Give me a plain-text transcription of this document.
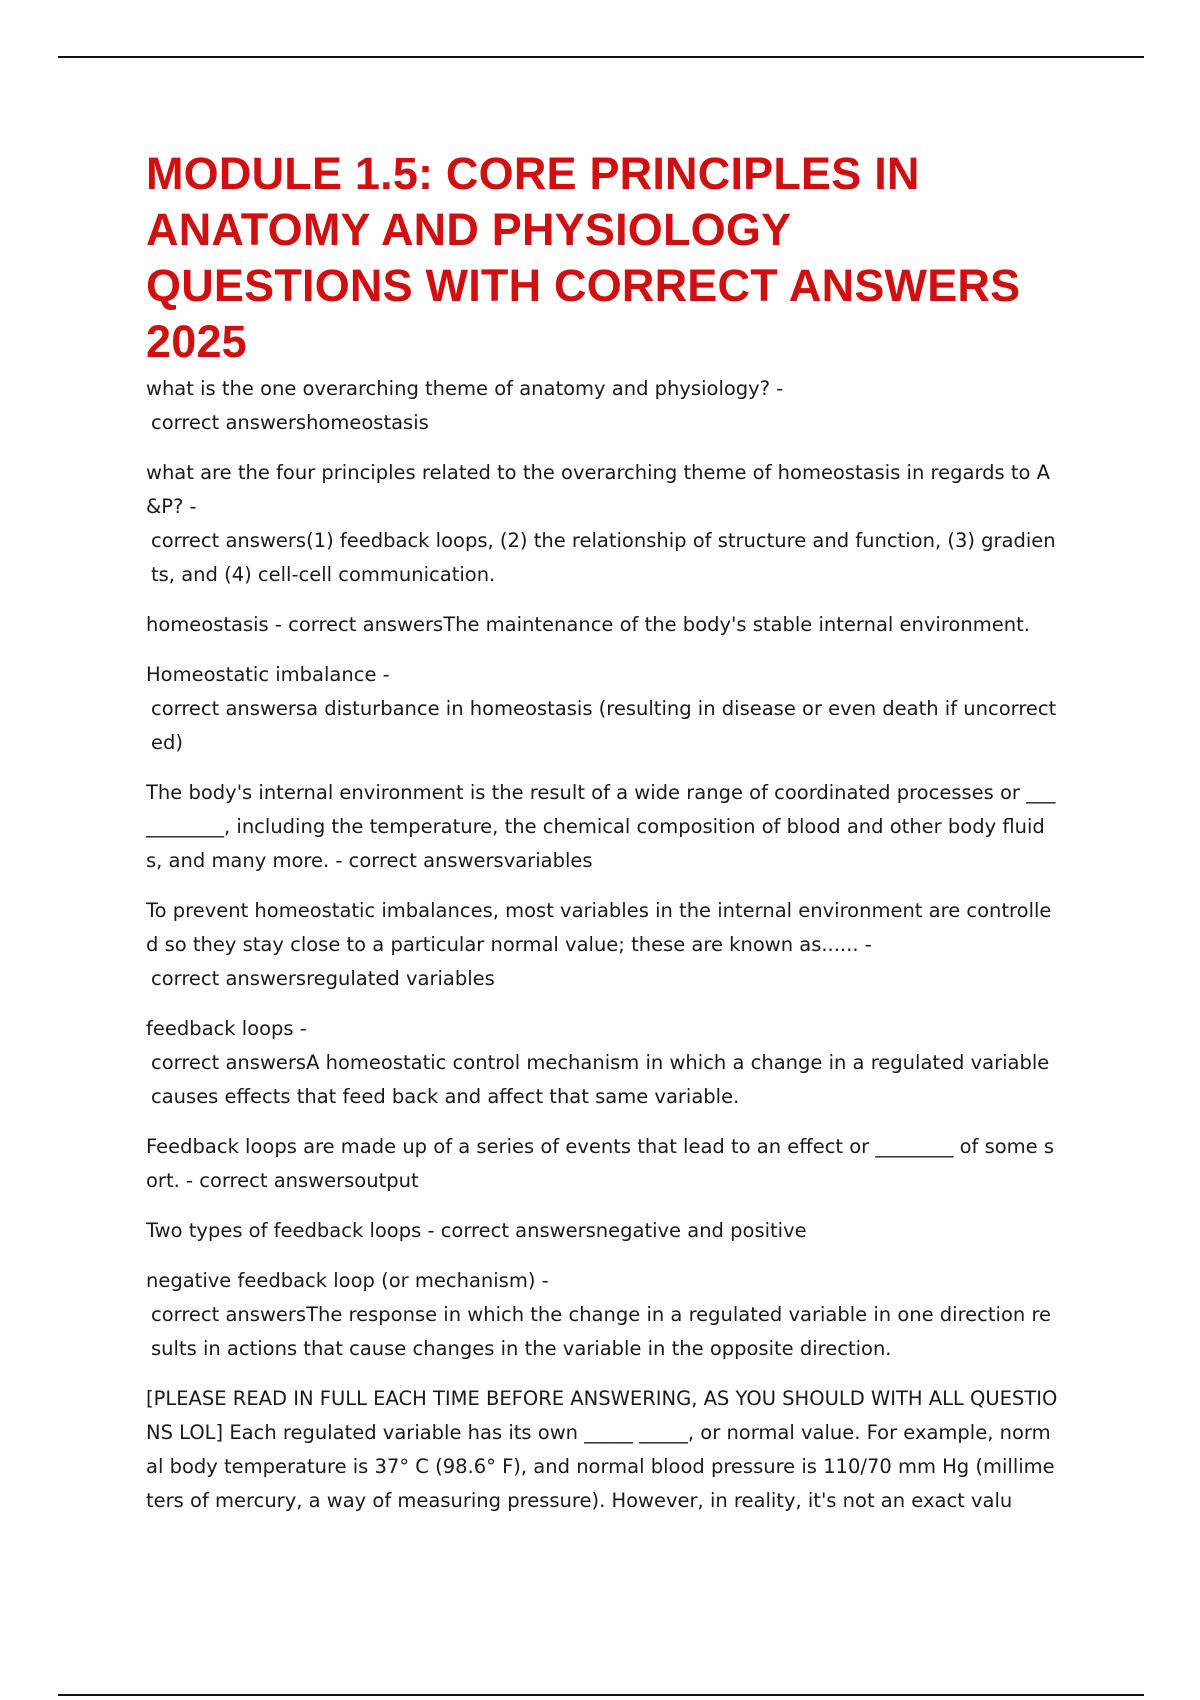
MODULE 1.5: CORE PRINCIPLES IN ANATOMY AND PHYSIOLOGY QUESTIONS WITH CORRECT ANSWERS 2025
what is the one overarching theme of anatomy and physiology? -
correct answershomeostasis
what are the four principles related to the overarching theme of homeostasis in regards to A &P? -
correct answers(1) feedback loops, (2) the relationship of structure and function, (3) gradients, and (4) cell-cell communication.
homeostasis - correct answersThe maintenance of the body's stable internal environment.
Homeostatic imbalance -
correct answersa disturbance in homeostasis (resulting in disease or even death if uncorrected)
The body's internal environment is the result of a wide range of coordinated processes or ___________, including the temperature, the chemical composition of blood and other body fluids, and many more. - correct answersvariables
To prevent homeostatic imbalances, most variables in the internal environment are controlled so they stay close to a particular normal value; these are known as...... -
correct answersregulated variables
feedback loops -
correct answersA homeostatic control mechanism in which a change in a regulated variable causes effects that feed back and affect that same variable.
Feedback loops are made up of a series of events that lead to an effect or ________ of some sort. - correct answersoutput
Two types of feedback loops - correct answersnegative and positive
negative feedback loop (or mechanism) -
correct answersThe response in which the change in a regulated variable in one direction results in actions that cause changes in the variable in the opposite direction.
[PLEASE READ IN FULL EACH TIME BEFORE ANSWERING, AS YOU SHOULD WITH ALL QUESTIONS LOL] Each regulated variable has its own _____ _____, or normal value. For example, normal body temperature is 37° C (98.6° F), and normal blood pressure is 110/70 mm Hg (millimeters of mercury, a way of measuring pressure). However, in reality, it's not an exact valu
